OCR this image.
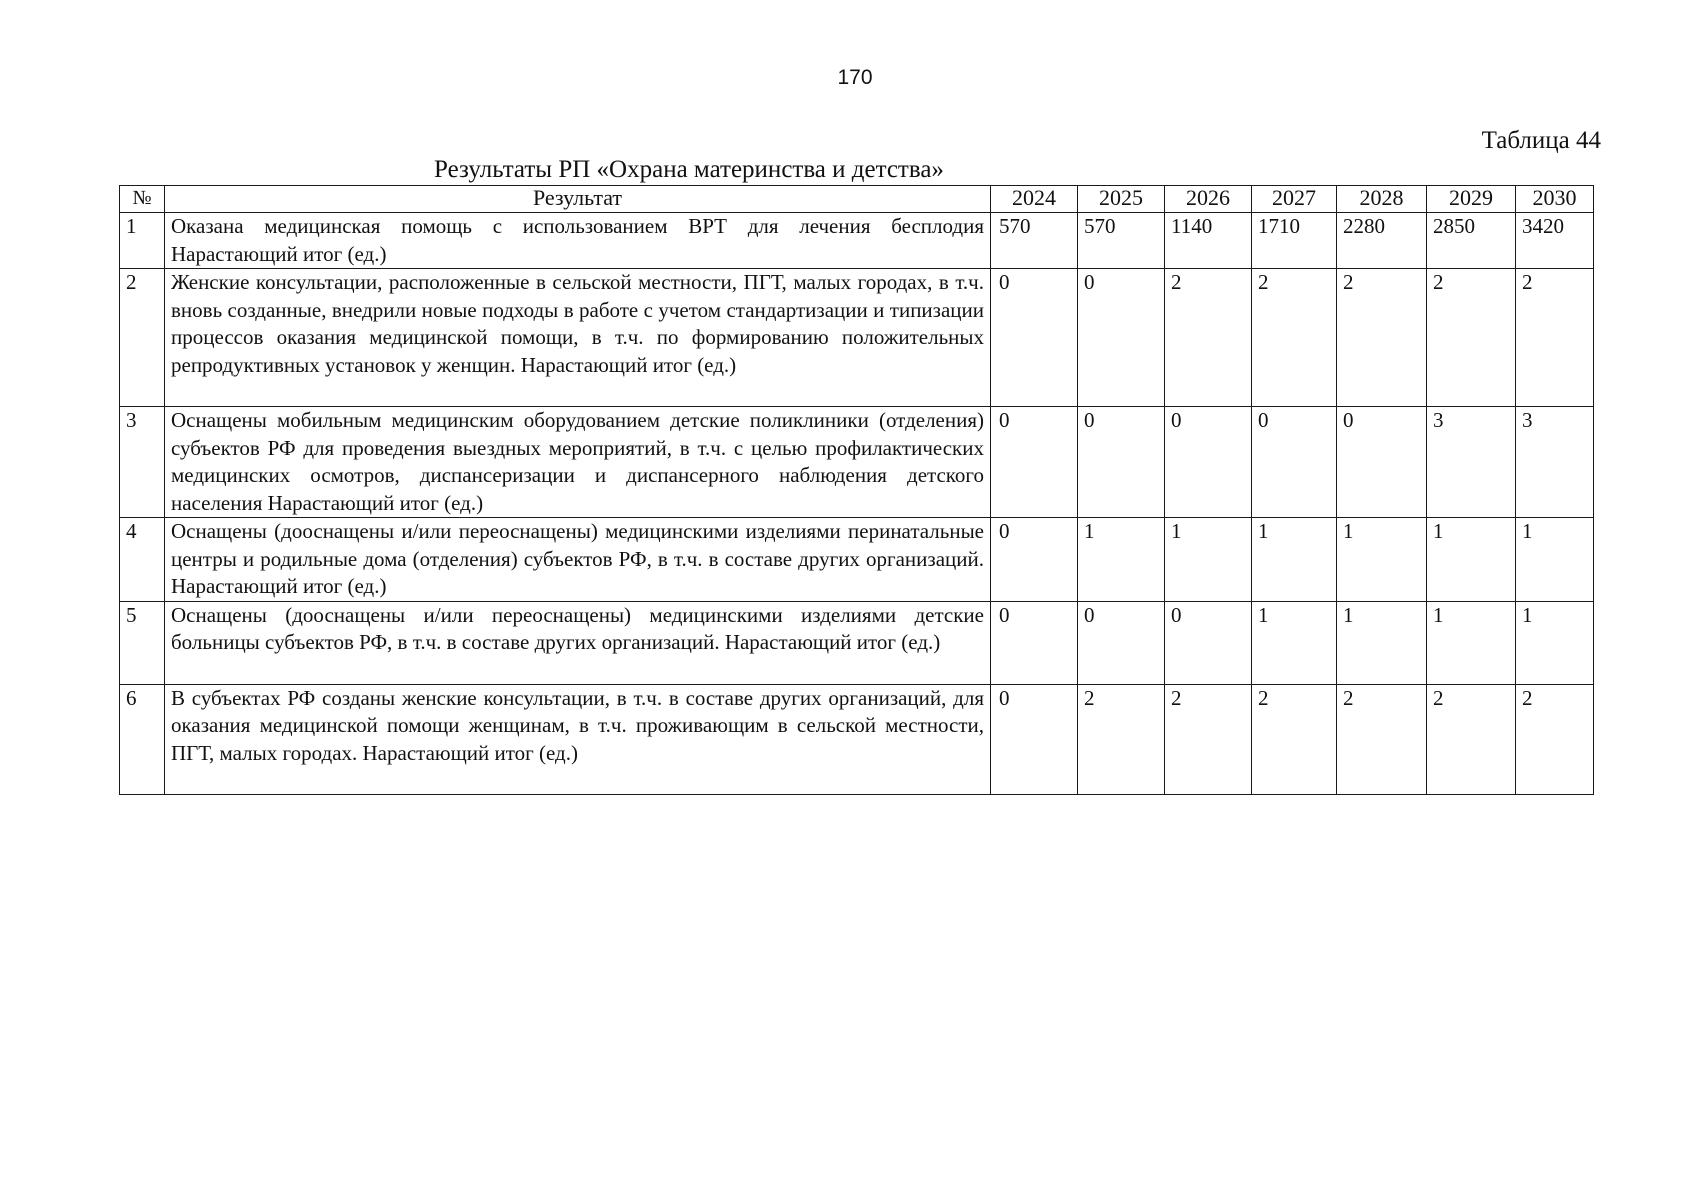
170
Таблица 44
Результаты РП «Охрана материнства и детства»
№	Результат	2024	2025	2026	2027	2028	2029	2030
1	Оказана медицинская помощь с использованием ВРТ для лечения бесплодия Нарастающий итог (ед.)	570	570	1140	1710	2280	2850	3420
2	Женские консультации, расположенные в сельской местности, ПГТ, малых городах, в т.ч. вновь созданные, внедрили новые подходы в работе с учетом стандартизации и типизации процессов оказания медицинской помощи, в т.ч. по формированию положительных репродуктивных установок у женщин. Нарастающий итог (ед.)	0	0	2	2	2	2	2
3	Оснащены мобильным медицинским оборудованием детские поликлиники (отделения) субъектов РФ для проведения выездных мероприятий, в т.ч. с целью профилактических медицинских осмотров, диспансеризации и диспансерного наблюдения детского населения Нарастающий итог (ед.)	0	0	0	0	0	3	3
4	Оснащены (дооснащены и/или переоснащены) медицинскими изделиями перинатальные центры и родильные дома (отделения) субъектов РФ, в т.ч. в составе других организаций. Нарастающий итог (ед.)	0	1	1	1	1	1	1
5	Оснащены (дооснащены и/или переоснащены) медицинскими изделиями детские больницы субъектов РФ, в т.ч. в составе других организаций. Нарастающий итог (ед.)	0	0	0	1	1	1	1
6	В субъектах РФ созданы женские консультации, в т.ч. в составе других организаций, для оказания медицинской помощи женщинам, в т.ч. проживающим в сельской местности, ПГТ, малых городах. Нарастающий итог (ед.)	0	2	2	2	2	2	2
